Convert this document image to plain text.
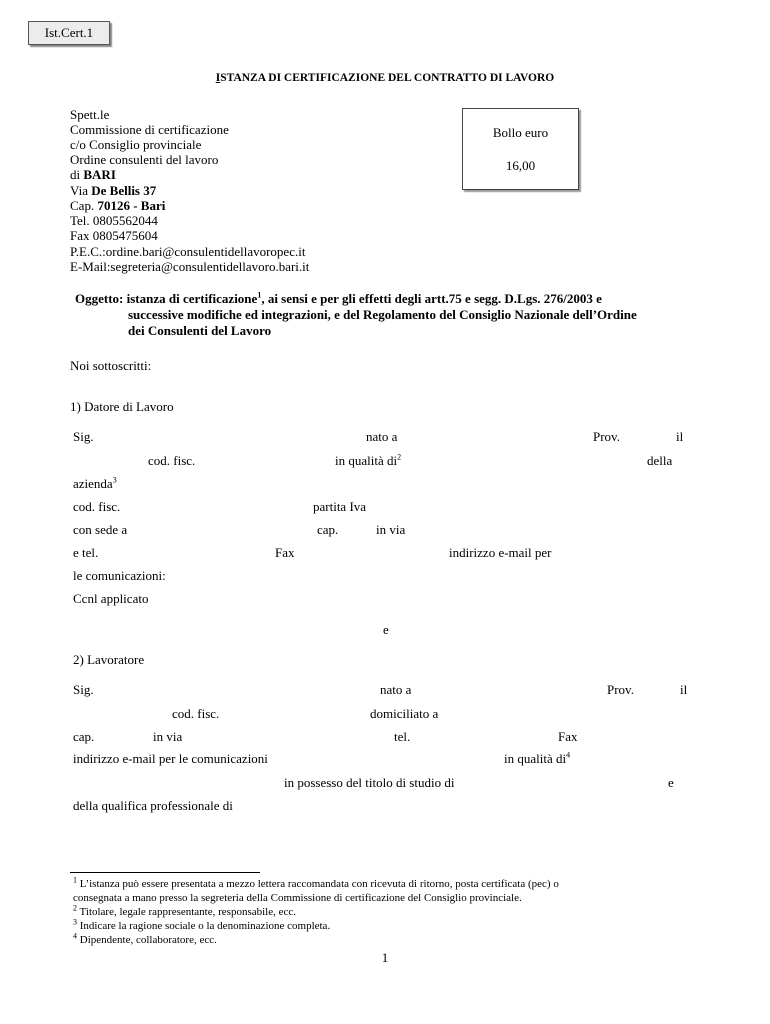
Ist.Cert.1
ISTANZA DI CERTIFICAZIONE DEL CONTRATTO DI LAVORO
Spett.le
Commissione di certificazione
c/o Consiglio provinciale
Ordine consulenti del lavoro
di BARI
Via De Bellis 37
Cap. 70126 - Bari
Tel. 0805562044
Fax 0805475604
P.E.C.:ordine.bari@consulentidellavoropec.it
E-Mail:segreteria@consulentidellavoro.bari.it
Bollo euro
16,00
Oggetto: istanza di certificazione$^1$, ai sensi e per gli effetti degli artt.75 e segg. D.Lgs. 276/2003 e
successive modifiche ed integrazioni, e del Regolamento del Consiglio Nazionale dell’Ordine
dei Consulenti del Lavoro
Noi sottoscritti:
1) Datore di Lavoro
Sig.	nato a	Prov.	il
cod. fisc.	in qualità $di^2$	della
azienda$^3$
cod. fisc.	partita Iva
con sede a	cap.	in via
e tel.	Fax	indirizzo e-mail per
le comunicazioni:
Ccnl applicato
e
2) Lavoratore
Sig.	nato a	Prov.	il
cod. fisc.	domiciliato a
cap.	in via	tel.	Fax
indirizzo e-mail per le comunicazioni	in qualità $di^4$
in possesso del titolo di studio di	e
della qualifica professionale di
$^1$ L’istanza può essere presentata a mezzo lettera raccomandata con ricevuta di ritorno, posta certificata (pec) o
consegnata a mano presso la segreteria della Commissione di certificazione del Consiglio provinciale.
$^2$ Titolare, legale rappresentante, responsabile, ecc.
$^3$ Indicare la ragione sociale o la denominazione completa.
$^4$ Dipendente, collaboratore, ecc.
1
